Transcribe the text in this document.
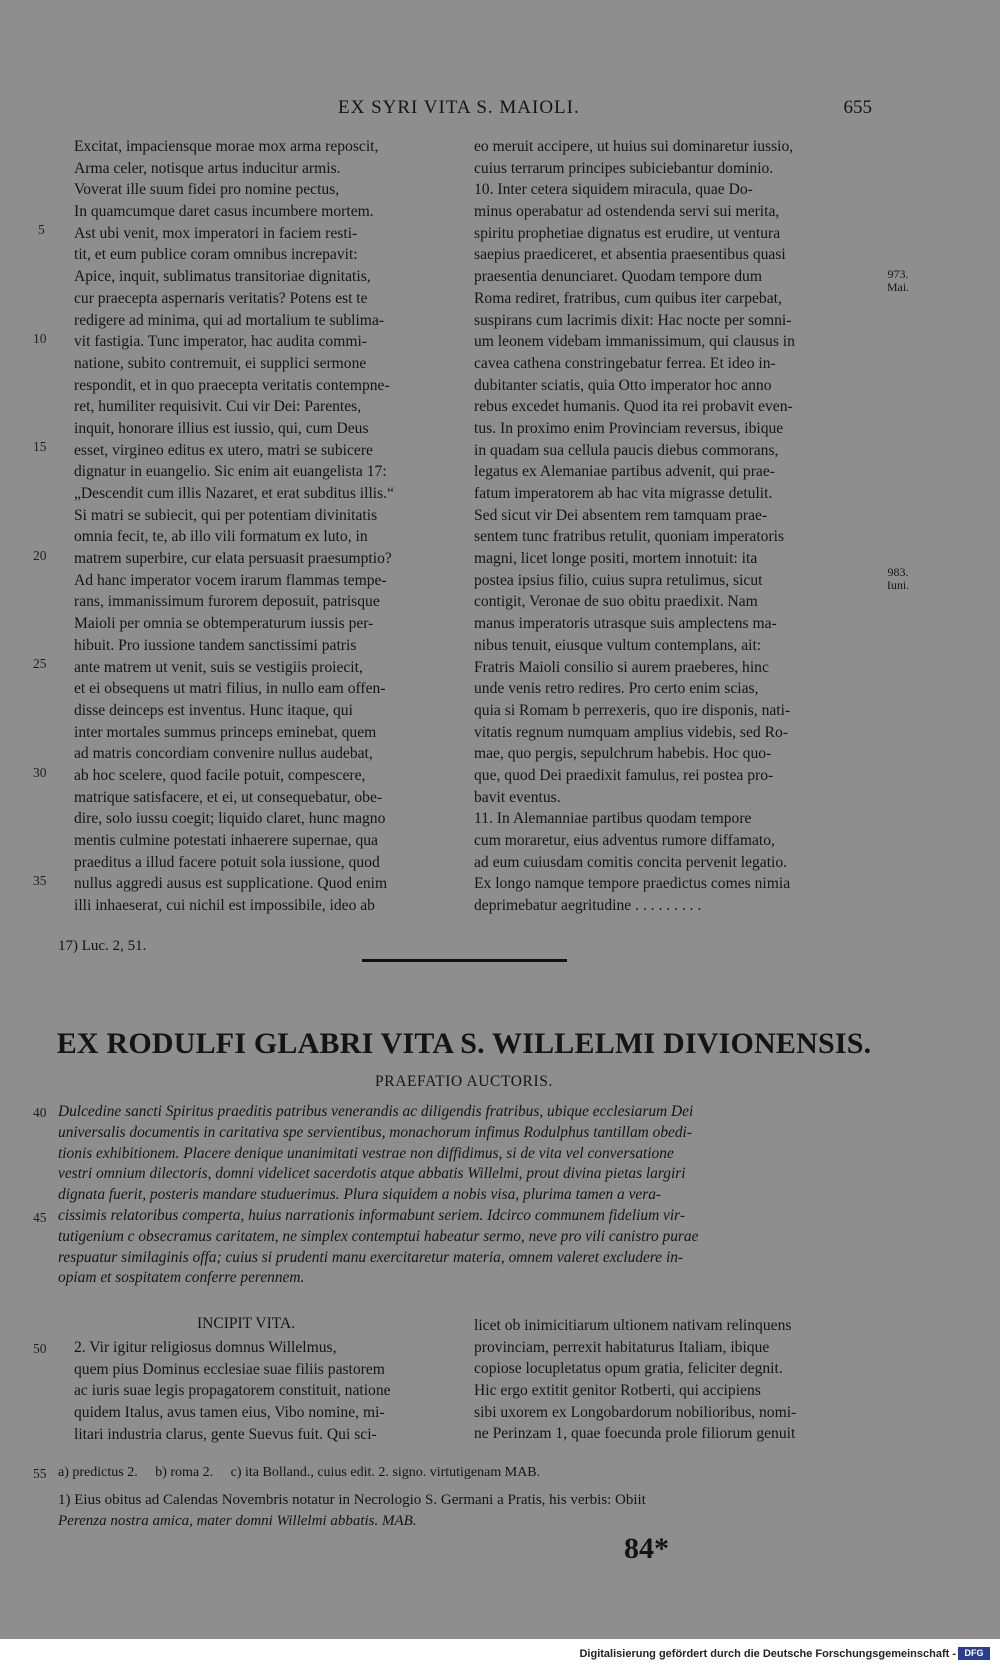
EX SYRI VITA S. MAIOLI.	655
Excitat, impaciensque morae mox arma reposcit,
Arma celer, notisque artus inducitur armis.
Voverat ille suum fidei pro nomine pectus,
In quamcumque daret casus incumbere mortem.
Ast ubi venit, mox imperatori in faciem resti-
tit, et eum publice coram omnibus increpavit:
Apice, inquit, sublimatus transitoriae dignitatis,
cur praecepta aspernaris veritatis? Potens est te
redigere ad minima, qui ad mortalium te sublima-
vit fastigia. Tunc imperator, hac audita commi-
natione, subito contremuit, ei supplici sermone
respondit, et in quo praecepta veritatis contempne-
ret, humiliter requisivit. Cui vir Dei: Parentes,
inquit, honorare illius est iussio, qui, cum Deus
esset, virgineo editus ex utero, matri se subicere
dignatur in euangelio. Sic enim ait euangelista 17:
„Descendit cum illis Nazaret, et erat subditus illis.“
Si matri se subiecit, qui per potentiam divinitatis
omnia fecit, te, ab illo vili formatum ex luto, in
matrem superbire, cur elata persuasit praesumptio?
Ad hanc imperator vocem irarum flammas tempe-
rans, immanissimum furorem deposuit, patrisque
Maioli per omnia se obtemperaturum iussis per-
hibuit. Pro iussione tandem sanctissimi patris
ante matrem ut venit, suis se vestigiis proiecit,
et ei obsequens ut matri filius, in nullo eam offen-
disse deinceps est inventus. Hunc itaque, qui
inter mortales summus princeps eminebat, quem
ad matris concordiam convenire nullus audebat,
ab hoc scelere, quod facile potuit, compescere,
matrique satisfacere, et ei, ut consequebatur, obe-
dire, solo iussu coegit; liquido claret, hunc magno
mentis culmine potestati inhaerere supernae, qua
praeditus a illud facere potuit sola iussione, quod
nullus aggredi ausus est supplicatione. Quod enim
illi inhaeserat, cui nichil est impossibile, ideo ab
eo meruit accipere, ut huius sui dominaretur iussio,
cuius terrarum principes subiciebantur dominio.
10. Inter cetera siquidem miracula, quae Do-
minus operabatur ad ostendenda servi sui merita,
spiritu prophetiae dignatus est erudire, ut ventura
saepius praediceret, et absentia praesentibus quasi
praesentia denunciaret. Quodam tempore dum
Roma rediret, fratribus, cum quibus iter carpebat,
suspirans cum lacrimis dixit: Hac nocte per somni-
um leonem videbam immanissimum, qui clausus in
cavea cathena constringebatur ferrea. Et ideo in-
dubitanter sciatis, quia Otto imperator hoc anno
rebus excedet humanis. Quod ita rei probavit even-
tus. In proximo enim Provinciam reversus, ibique
in quadam sua cellula paucis diebus commorans,
legatus ex Alemaniae partibus advenit, qui prae-
fatum imperatorem ab hac vita migrasse detulit.
Sed sicut vir Dei absentem rem tamquam prae-
sentem tunc fratribus retulit, quoniam imperatoris
magni, licet longe positi, mortem innotuit: ita
postea ipsius filio, cuius supra retulimus, sicut
contigit, Veronae de suo obitu praedixit. Nam
manus imperatoris utrasque suis amplectens ma-
nibus tenuit, eiusque vultum contemplans, ait:
Fratris Maioli consilio si aurem praeberes, hinc
unde venis retro redires. Pro certo enim scias,
quia si Romam b perrexeris, quo ire disponis, nati-
vitatis regnum numquam amplius videbis, sed Ro-
mae, quo pergis, sepulchrum habebis. Hoc quo-
que, quod Dei praedixit famulus, rei postea pro-
bavit eventus.
11. In Alemanniae partibus quodam tempore
cum moraretur, eius adventus rumore diffamato,
ad eum cuiusdam comitis concita pervenit legatio.
Ex longo namque tempore praedictus comes nimia
deprimebatur aegritudine . . . . . . . . .
5
10
15
20
25
30
35
973.
Mai.
983.
Iuni.
17) Luc. 2, 51.
EX RODULFI GLABRI VITA S. WILLELMI DIVIONENSIS.
PRAEFATIO AUCTORIS.
Dulcedine sancti Spiritus praeditis patribus venerandis ac diligendis fratribus, ubique ecclesiarum Dei
universalis documentis in caritativa spe servientibus, monachorum infimus Rodulphus tantillam obedi-
tionis exhibitionem. Placere denique unanimitati vestrae non diffidimus, si de vita vel conversatione
vestri omnium dilectoris, domni videlicet sacerdotis atque abbatis Willelmi, prout divina pietas largiri
dignata fuerit, posteris mandare studuerimus. Plura siquidem a nobis visa, plurima tamen a vera-
cissimis relatoribus comperta, huius narrationis informabunt seriem. Idcirco communem fidelium vir-
tutigenium c obsecramus caritatem, ne simplex contemptui habeatur sermo, neve pro vili canistro purae
respuatur similaginis offa; cuius si prudenti manu exercitaretur materia, omnem valeret excludere in-
opiam et sospitatem conferre perennem.
40
45
INCIPIT VITA.
2. Vir igitur religiosus domnus Willelmus,
quem pius Dominus ecclesiae suae filiis pastorem
ac iuris suae legis propagatorem constituit, natione
quidem Italus, avus tamen eius, Vibo nomine, mi-
litari industria clarus, gente Suevus fuit. Qui sci-
licet ob inimicitiarum ultionem nativam relinquens
provinciam, perrexit habitaturus Italiam, ibique
copiose locupletatus opum gratia, feliciter degnit.
Hic ergo extitit genitor Rotberti, qui accipiens
sibi uxorem ex Longobardorum nobilioribus, nomi-
ne Perinzam 1, quae foecunda prole filiorum genuit
50
55 a) predictus 2.     b) roma 2.     c) ita Bolland., cuius edit. 2. signo. virtutigenam MAB.
1) Eius obitus ad Calendas Novembris notatur in Necrologio S. Germani a Pratis, his verbis: Obiit
Perenza nostra amica, mater domni Willelmi abbatis. MAB.
84*
Digitalisierung gefördert durch die Deutsche Forschungsgemeinschaft - DFG
